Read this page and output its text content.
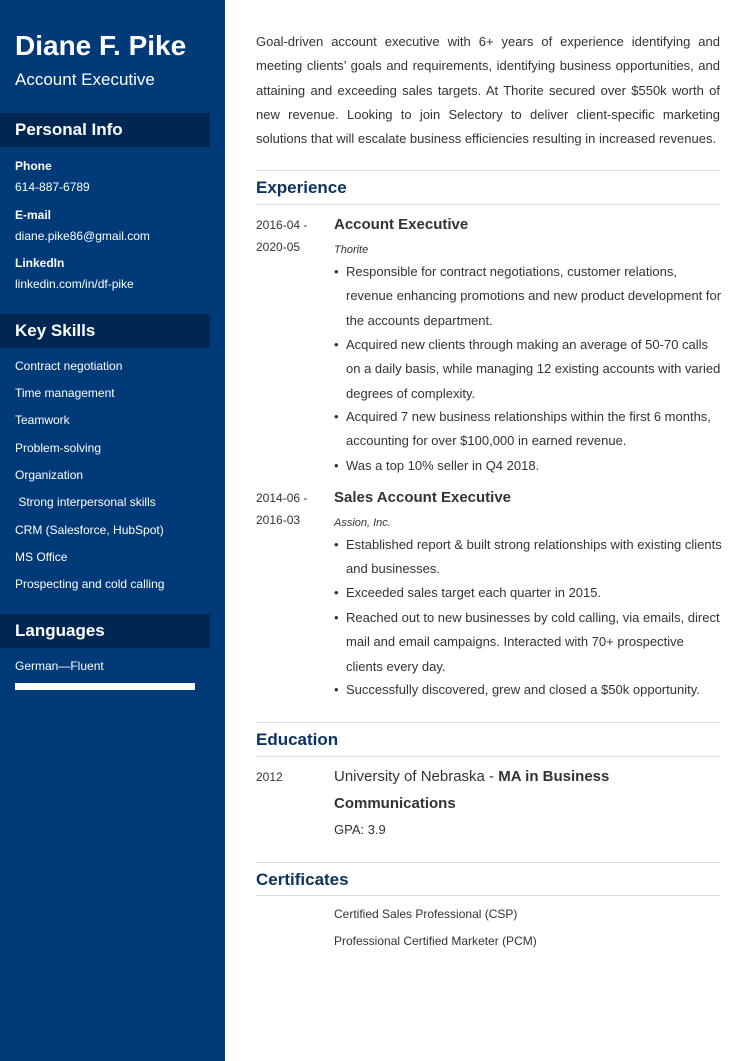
Diane F. Pike
Account Executive
Personal Info
Phone
614-887-6789
E-mail
diane.pike86@gmail.com
LinkedIn
linkedin.com/in/df-pike
Key Skills
Contract negotiation
Time management
Teamwork
Problem-solving
Organization
Strong interpersonal skills
CRM (Salesforce, HubSpot)
MS Office
Prospecting and cold calling
Languages
German—Fluent

Goal-driven account executive with 6+ years of experience identifying and meeting clients’ goals and requirements, identifying business opportunities, and attaining and exceeding sales targets. At Thorite secured over $550k worth of new revenue. Looking to join Selectory to deliver client-specific marketing solutions that will escalate business efficiencies resulting in increased revenues.

Experience
2016-04 -
2020-05
Account Executive
Thorite
• Responsible for contract negotiations, customer relations, revenue enhancing promotions and new product development for the accounts department.
• Acquired new clients through making an average of 50-70 calls on a daily basis, while managing 12 existing accounts with varied degrees of complexity.
• Acquired 7 new business relationships within the first 6 months, accounting for over $100,000 in earned revenue.
• Was a top 10% seller in Q4 2018.
2014-06 -
2016-03
Sales Account Executive
Assion, Inc.
• Established report & built strong relationships with existing clients and businesses.
• Exceeded sales target each quarter in 2015.
• Reached out to new businesses by cold calling, via emails, direct mail and email campaigns. Interacted with 70+ prospective clients every day.
• Successfully discovered, grew and closed a $50k opportunity.
Education
2012	University of Nebraska - MA in Business
Communications
GPA: 3.9
Certificates
Certified Sales Professional (CSP)
Professional Certified Marketer (PCM)
